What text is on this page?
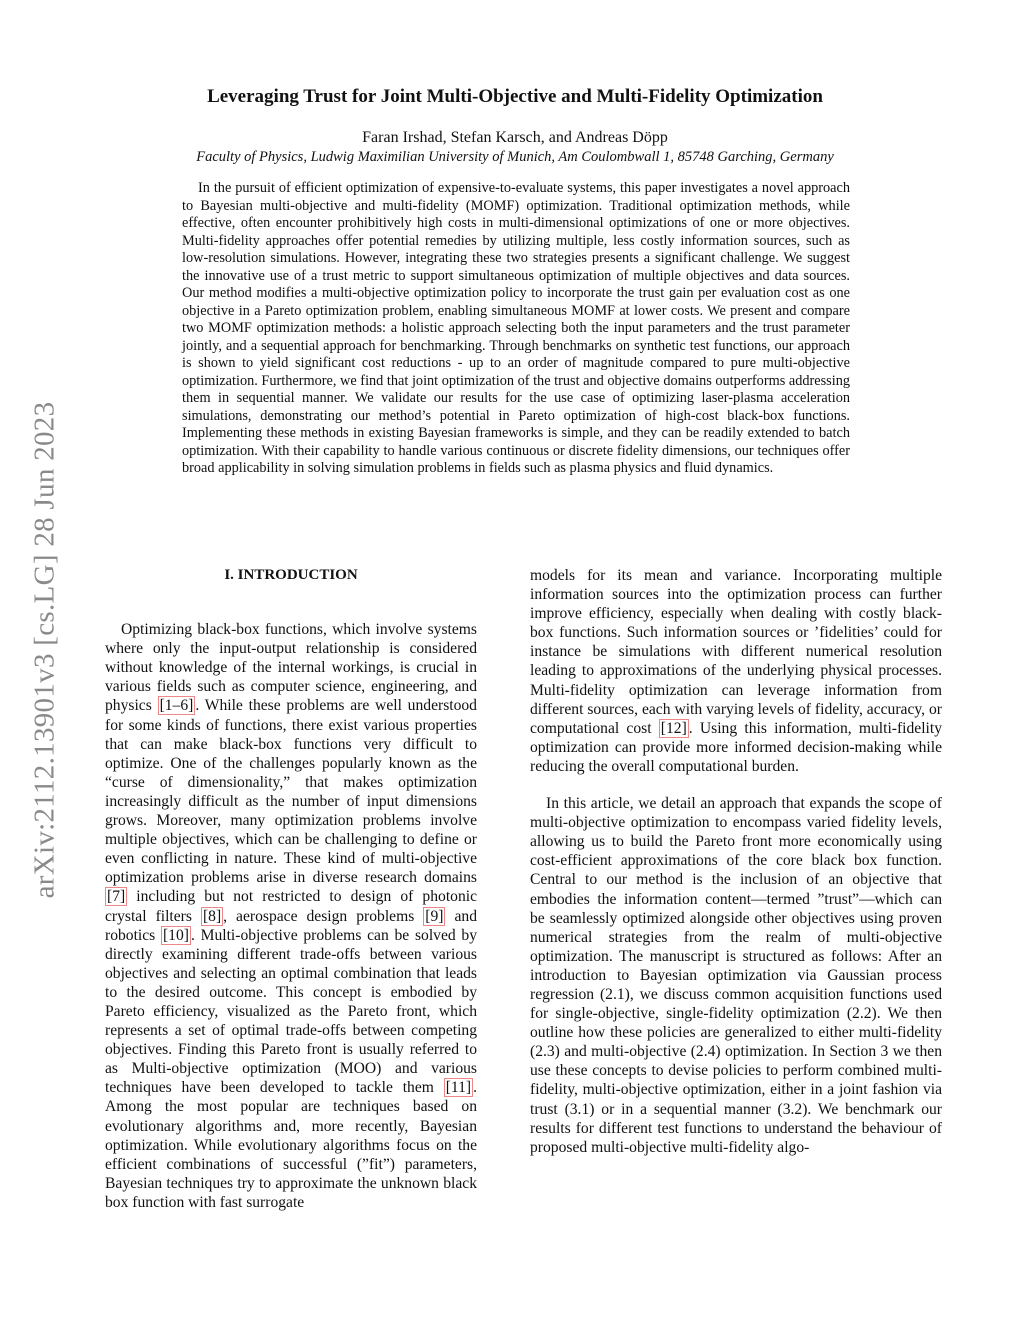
arXiv:2112.13901v3 [cs.LG] 28 Jun 2023
Leveraging Trust for Joint Multi-Objective and Multi-Fidelity Optimization
Faran Irshad, Stefan Karsch, and Andreas Döpp
Faculty of Physics, Ludwig Maximilian University of Munich, Am Coulombwall 1, 85748 Garching, Germany

In the pursuit of efficient optimization of expensive-to-evaluate systems, this paper investigates a novel approach to Bayesian multi-objective and multi-fidelity (MOMF) optimization. Traditional optimization methods, while effective, often encounter prohibitively high costs in multi-dimensional optimizations of one or more objectives. Multi-fidelity approaches offer potential remedies by utilizing multiple, less costly information sources, such as low-resolution simulations. However, integrating these two strategies presents a significant challenge. We suggest the innovative use of a trust metric to support simultaneous optimization of multiple objectives and data sources. Our method modifies a multi-objective optimization policy to incorporate the trust gain per evaluation cost as one objective in a Pareto optimization problem, enabling simultaneous MOMF at lower costs. We present and compare two MOMF optimization methods: a holistic approach selecting both the input parameters and the trust parameter jointly, and a sequential approach for benchmarking. Through benchmarks on synthetic test functions, our approach is shown to yield significant cost reductions - up to an order of magnitude compared to pure multi-objective optimization. Furthermore, we find that joint optimization of the trust and objective domains outperforms addressing them in sequential manner. We validate our results for the use case of optimizing laser-plasma acceleration simulations, demonstrating our method’s potential in Pareto optimization of high-cost black-box functions. Implementing these methods in existing Bayesian frameworks is simple, and they can be readily extended to batch optimization. With their capability to handle various continuous or discrete fidelity dimensions, our techniques offer broad applicability in solving simulation problems in fields such as plasma physics and fluid dynamics.

I. INTRODUCTION

Optimizing black-box functions, which involve systems where only the input-output relationship is considered without knowledge of the internal workings, is crucial in various fields such as computer science, engineering, and physics [1–6] . While these problems are well understood for some kinds of functions, there exist various properties that can make black-box functions very difficult to optimize. One of the challenges popularly known as the “curse of dimensionality,” that makes optimization increasingly difficult as the number of input dimensions grows. Moreover, many optimization problems involve multiple objectives, which can be challenging to define or even conflicting in nature. These kind of multi-objective optimization problems arise in diverse research domains [7] including but not restricted to design of photonic crystal filters [8] , aerospace design problems [9] and robotics [10] . Multi-objective problems can be solved by directly examining different trade-offs between various objectives and selecting an optimal combination that leads to the desired outcome. This concept is embodied by Pareto efficiency, visualized as the Pareto front, which represents a set of optimal trade-offs between competing objectives. Finding this Pareto front is usually referred to as Multi-objective optimization (MOO) and various techniques have been developed to tackle them [11] . Among the most popular are techniques based on evolutionary algorithms and, more recently, Bayesian optimization. While evolutionary algorithms focus on the efficient combinations of successful (”fit”) parameters, Bayesian techniques try to approximate the unknown black box function with fast surrogate

models for its mean and variance. Incorporating multiple information sources into the optimization process can further improve efficiency, especially when dealing with costly black-box functions. Such information sources or ’fidelities’ could for instance be simulations with different numerical resolution leading to approximations of the underlying physical processes. Multi-fidelity optimization can leverage information from different sources, each with varying levels of fidelity, accuracy, or computational cost [12] . Using this information, multi-fidelity optimization can provide more informed decision-making while reducing the overall computational burden.

In this article, we detail an approach that expands the scope of multi-objective optimization to encompass varied fidelity levels, allowing us to build the Pareto front more economically using cost-efficient approximations of the core black box function. Central to our method is the inclusion of an objective that embodies the information content—termed ”trust”—which can be seamlessly optimized alongside other objectives using proven numerical strategies from the realm of multi-objective optimization. The manuscript is structured as follows: After an introduction to Bayesian optimization via Gaussian process regression (2.1), we discuss common acquisition functions used for single-objective, single-fidelity optimization (2.2). We then outline how these policies are generalized to either multi-fidelity (2.3) and multi-objective (2.4) optimization. In Section 3 we then use these concepts to devise policies to perform combined multi-fidelity, multi-objective optimization, either in a joint fashion via trust (3.1) or in a sequential manner (3.2). We benchmark our results for different test functions to understand the behaviour of proposed multi-objective multi-fidelity algo-
